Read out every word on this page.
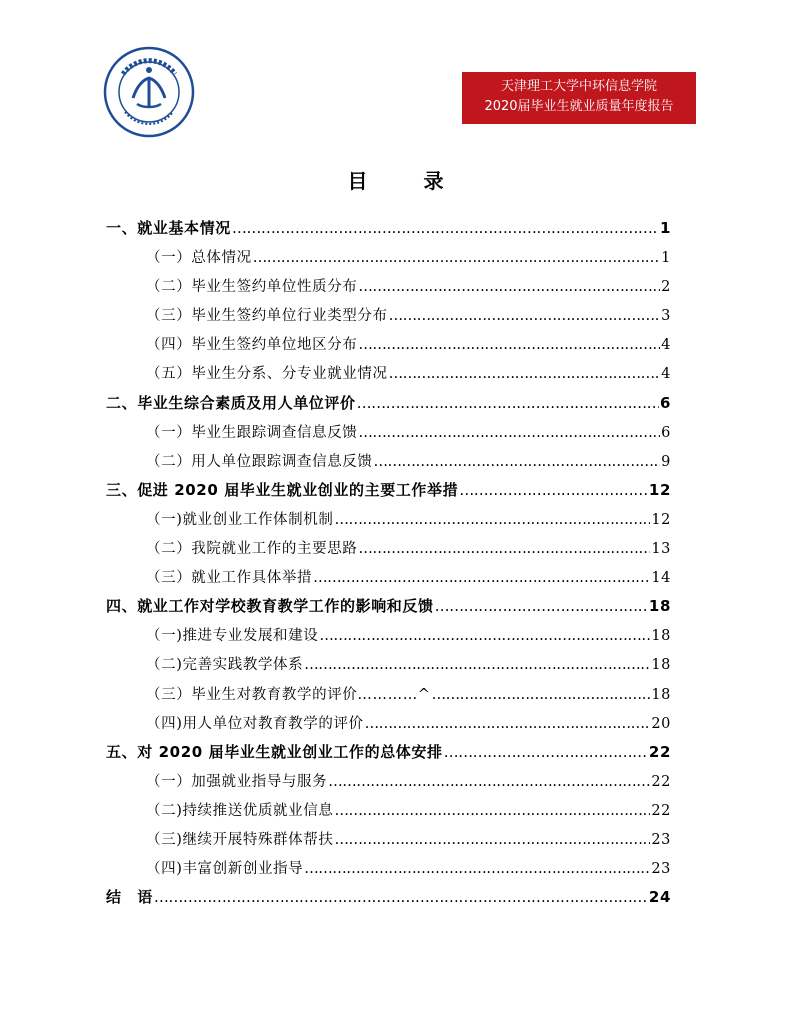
天津理工大学中环信息学院
2020届毕业生就业质量年度报告
目　录
一、就业基本情况 …………………………………………………………………………………………………………………………………………	1
（一）总体情况 …………………………………………………………………………………………………………………………………………	1
（二）毕业生签约单位性质分布 …………………………………………………………………………………………………………………………………………	2
（三）毕业生签约单位行业类型分布 …………………………………………………………………………………………………………………………………………	3
（四）毕业生签约单位地区分布 …………………………………………………………………………………………………………………………………………	4
（五）毕业生分系、分专业就业情况 …………………………………………………………………………………………………………………………………………	4
二、毕业生综合素质及用人单位评价 …………………………………………………………………………………………………………………………………………	6
（一）毕业生跟踪调查信息反馈 …………………………………………………………………………………………………………………………………………	6
（二）用人单位跟踪调查信息反馈 …………………………………………………………………………………………………………………………………………	9
三、促进 2020 届毕业生就业创业的主要工作举措 …………………………………………………………………………………………………………………………………………	12
（一)就业创业工作体制机制 …………………………………………………………………………………………………………………………………………	12
（二）我院就业工作的主要思路 …………………………………………………………………………………………………………………………………………	13
（三）就业工作具体举措 …………………………………………………………………………………………………………………………………………	14
四、就业工作对学校教育教学工作的影响和反馈 …………………………………………………………………………………………………………………………………………	18
（一)推进专业发展和建设 …………………………………………………………………………………………………………………………………………	18
（二)完善实践教学体系 …………………………………………………………………………………………………………………………………………	18
（三）毕业生对教育教学的评价…………^ …………………………………………………………………………………………………………………………………………	18
（四)用人单位对教育教学的评价 …………………………………………………………………………………………………………………………………………	20
五、对 2020 届毕业生就业创业工作的总体安排 …………………………………………………………………………………………………………………………………………	22
（一）加强就业指导与服务 …………………………………………………………………………………………………………………………………………	22
（二)持续推送优质就业信息 …………………………………………………………………………………………………………………………………………	22
（三)继续开展特殊群体帮扶 …………………………………………………………………………………………………………………………………………	23
（四)丰富创新创业指导 …………………………………………………………………………………………………………………………………………	23
结　语 …………………………………………………………………………………………………………………………………………	24
